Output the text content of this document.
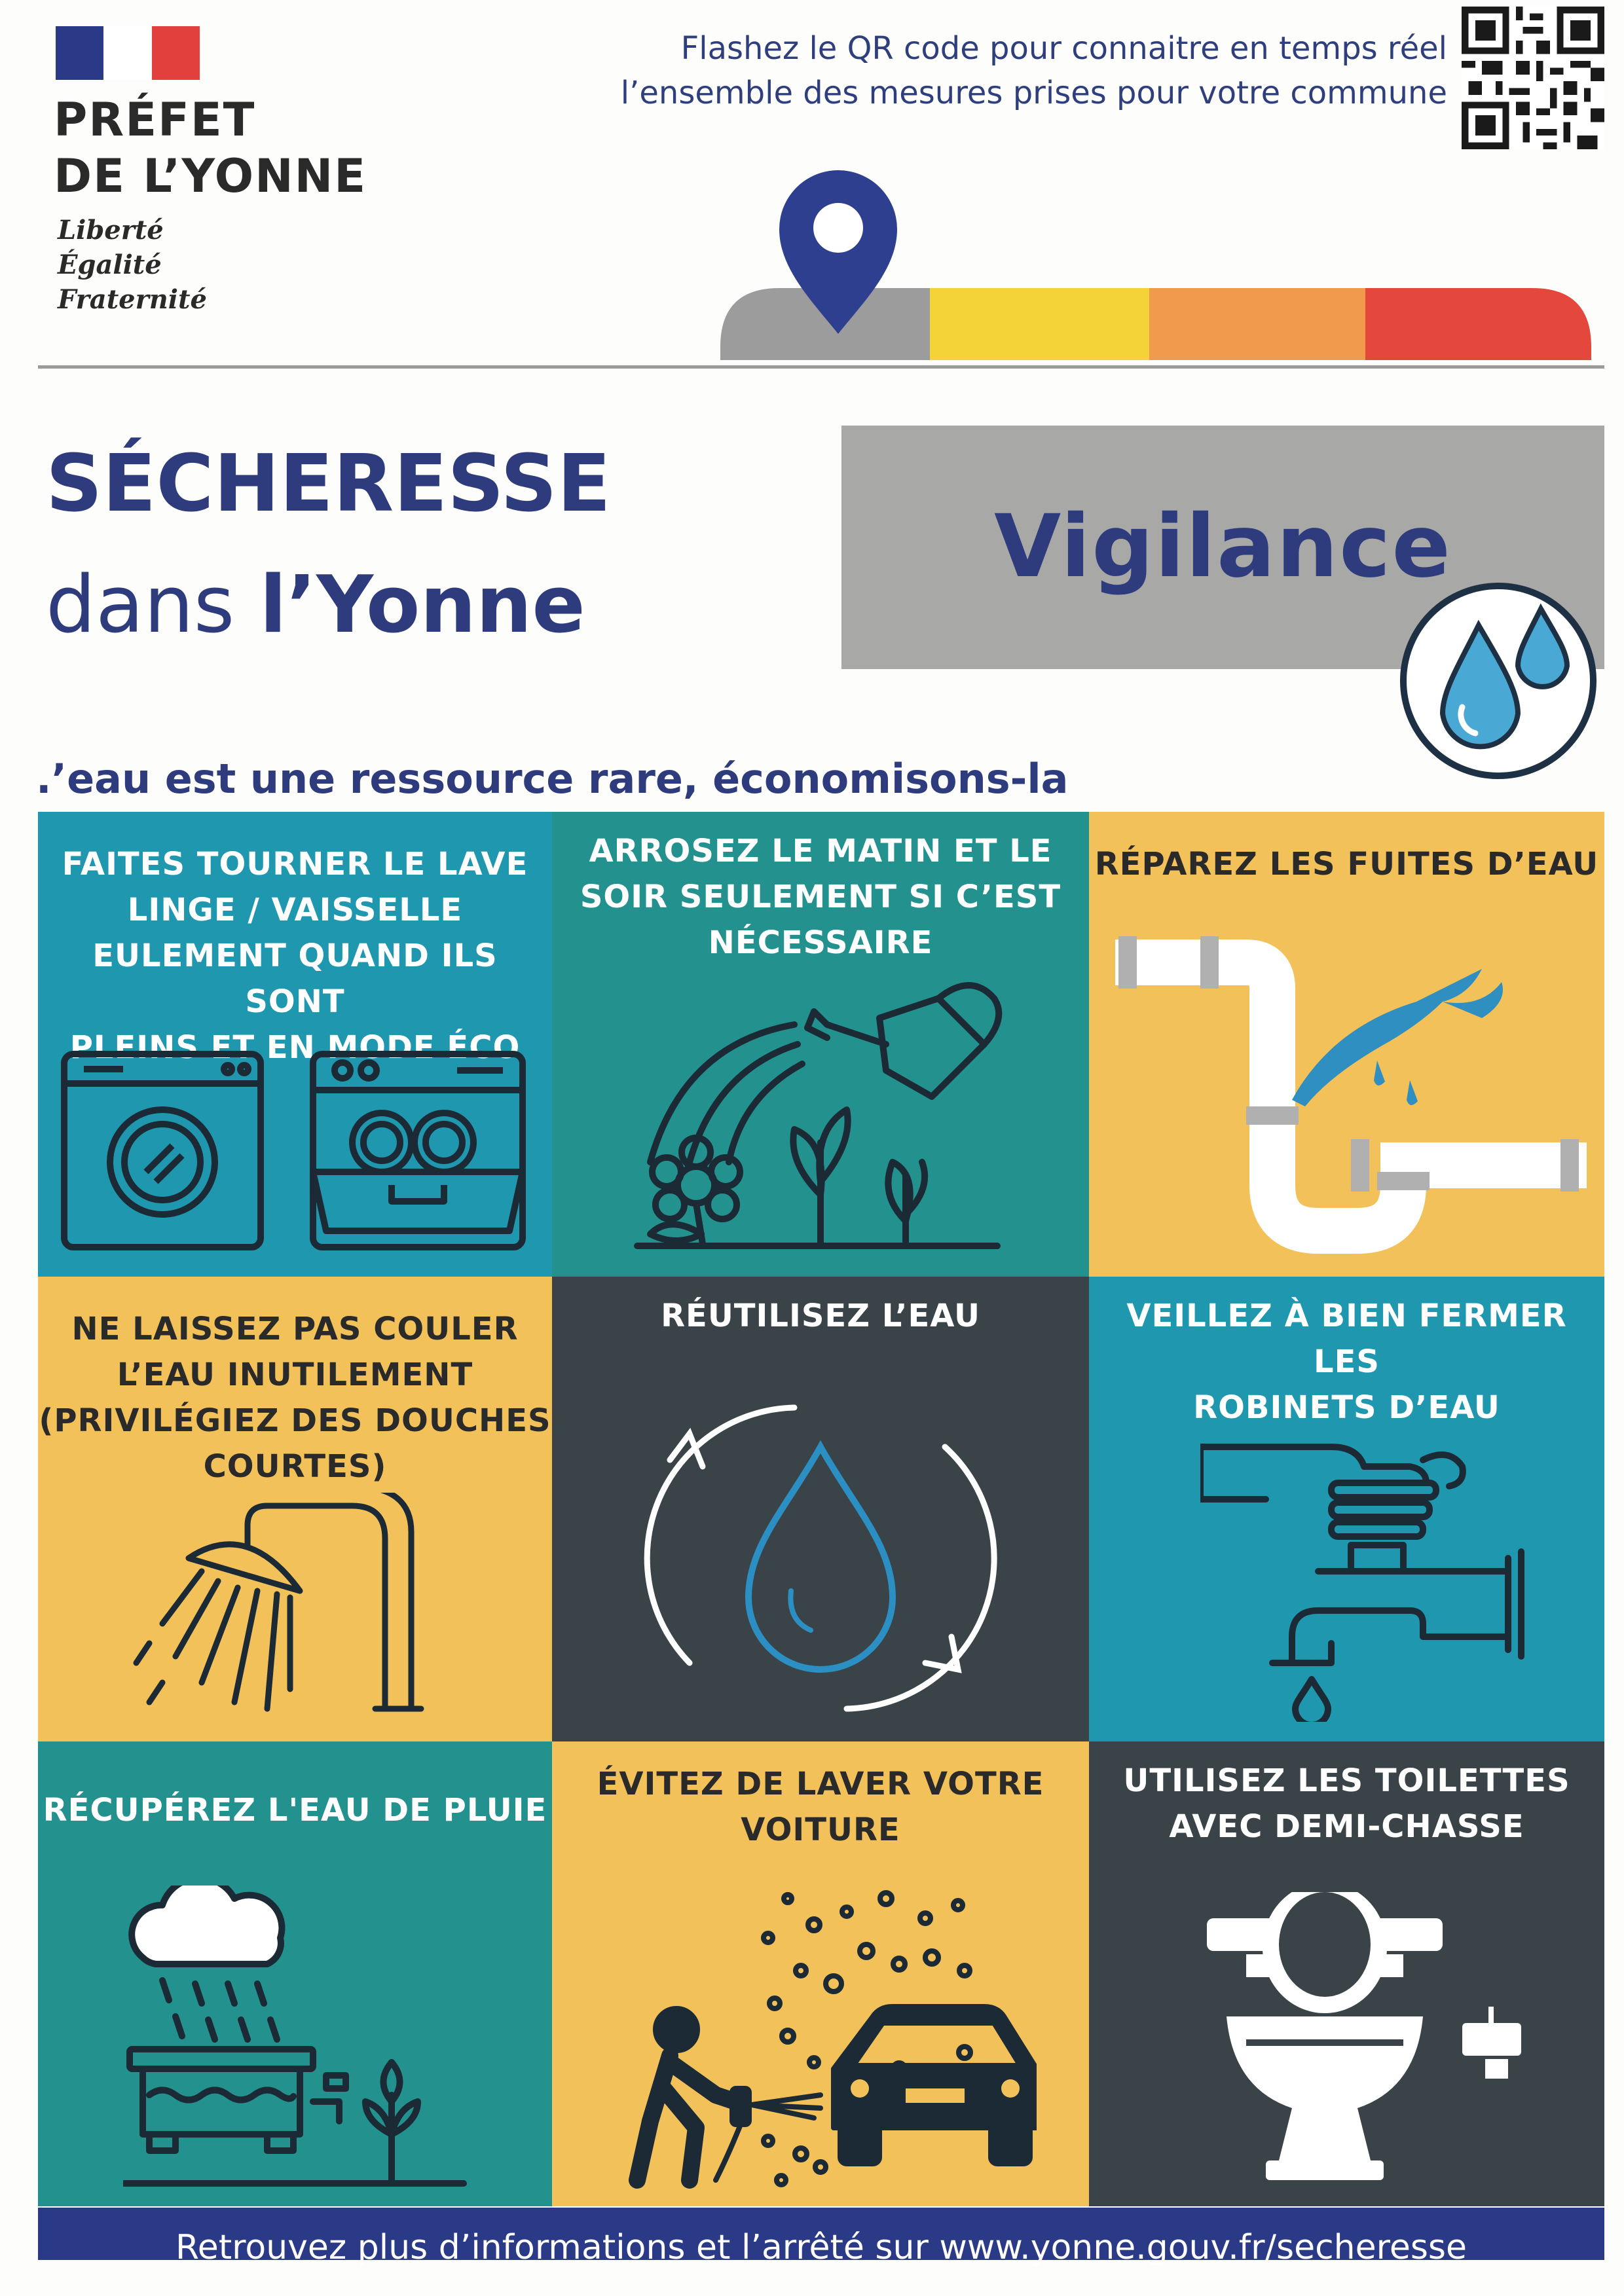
PRÉFET
DE L’YONNE
Liberté
Égalité
Fraternité
Flashez le QR code pour connaitre en temps réel
l’ensemble des mesures prises pour votre commune
SÉCHERESSE
dans l’Yonne
Vigilance
.’eau est une ressource rare, économisons-la
FAITES TOURNER LE LAVE
LINGE / VAISSELLE
EULEMENT QUAND ILS SONT
PLEINS ET EN MODE ÉCO
ARROSEZ LE MATIN ET LE
SOIR SEULEMENT SI C’EST
NÉCESSAIRE
RÉPAREZ LES FUITES D’EAU
NE LAISSEZ PAS COULER
L’EAU INUTILEMENT
(PRIVILÉGIEZ DES DOUCHES
COURTES)
RÉUTILISEZ L’EAU	VEILLEZ À BIEN FERMER LES
ROBINETS D’EAU
RÉCUPÉREZ L'EAU DE PLUIE
ÉVITEZ DE LAVER VOTRE
VOITURE
UTILISEZ LES TOILETTES
AVEC DEMI-CHASSE
Retrouvez plus d’informations et l’arrêté sur www.yonne.gouv.fr/secheresse
